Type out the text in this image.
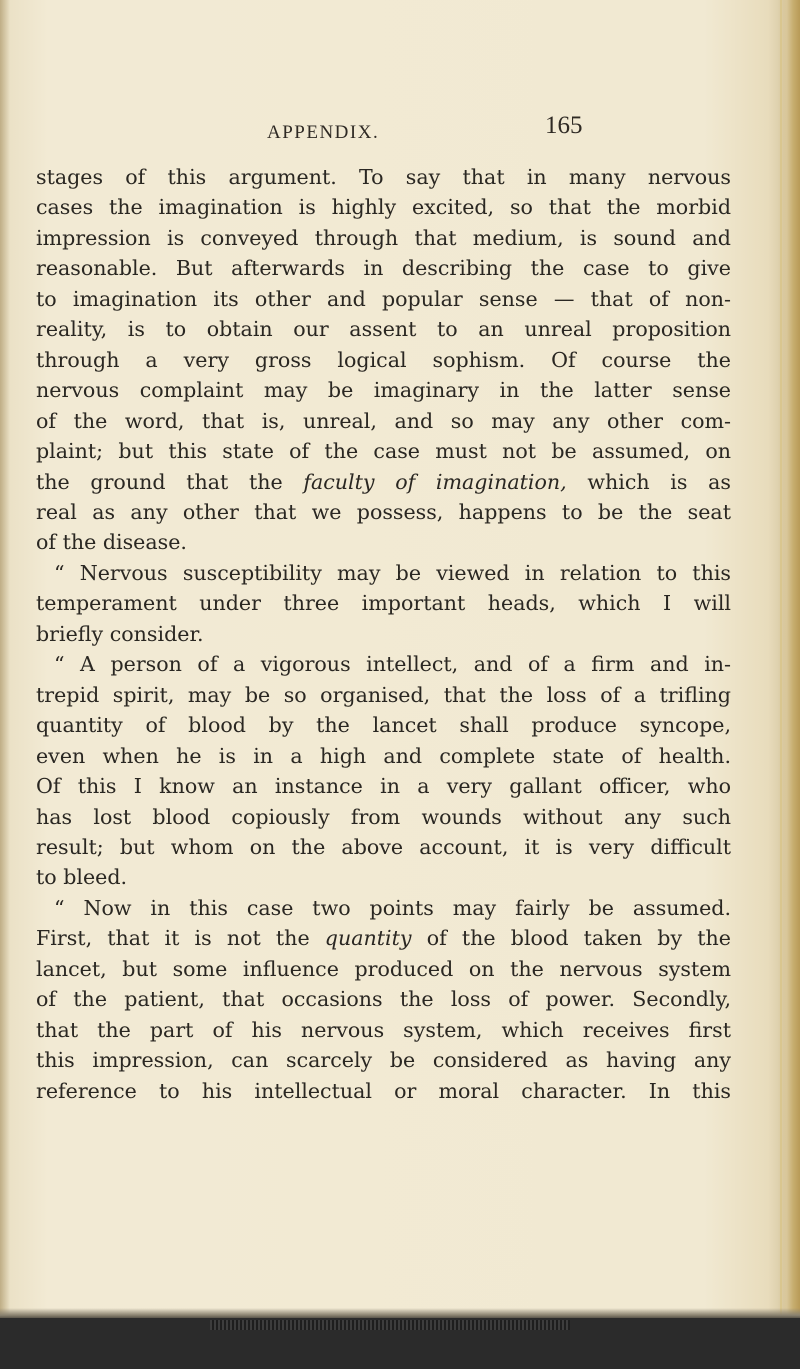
APPENDIX.	165
stages of this argument. To say that in many nervous
cases the imagination is highly excited, so that the morbid
impression is conveyed through that medium, is sound and
reasonable. But afterwards in describing the case to give
to imagination its other and popular sense — that of non-
reality, is to obtain our assent to an unreal proposition
through a very gross logical sophism. Of course the
nervous complaint may be imaginary in the latter sense
of the word, that is, unreal, and so may any other com-
plaint; but this state of the case must not be assumed, on
the ground that the faculty of imagination, which is as
real as any other that we possess, happens to be the seat
of the disease.
“ Nervous susceptibility may be viewed in relation to this
temperament under three important heads, which I will
briefly consider.
“ A person of a vigorous intellect, and of a firm and in-
trepid spirit, may be so organised, that the loss of a trifling
quantity of blood by the lancet shall produce syncope,
even when he is in a high and complete state of health.
Of this I know an instance in a very gallant officer, who
has lost blood copiously from wounds without any such
result; but whom on the above account, it is very difficult
to bleed.
“ Now in this case two points may fairly be assumed.
First, that it is not the quantity of the blood taken by the
lancet, but some influence produced on the nervous system
of the patient, that occasions the loss of power. Secondly,
that the part of his nervous system, which receives first
this impression, can scarcely be considered as having any
reference to his intellectual or moral character. In this
